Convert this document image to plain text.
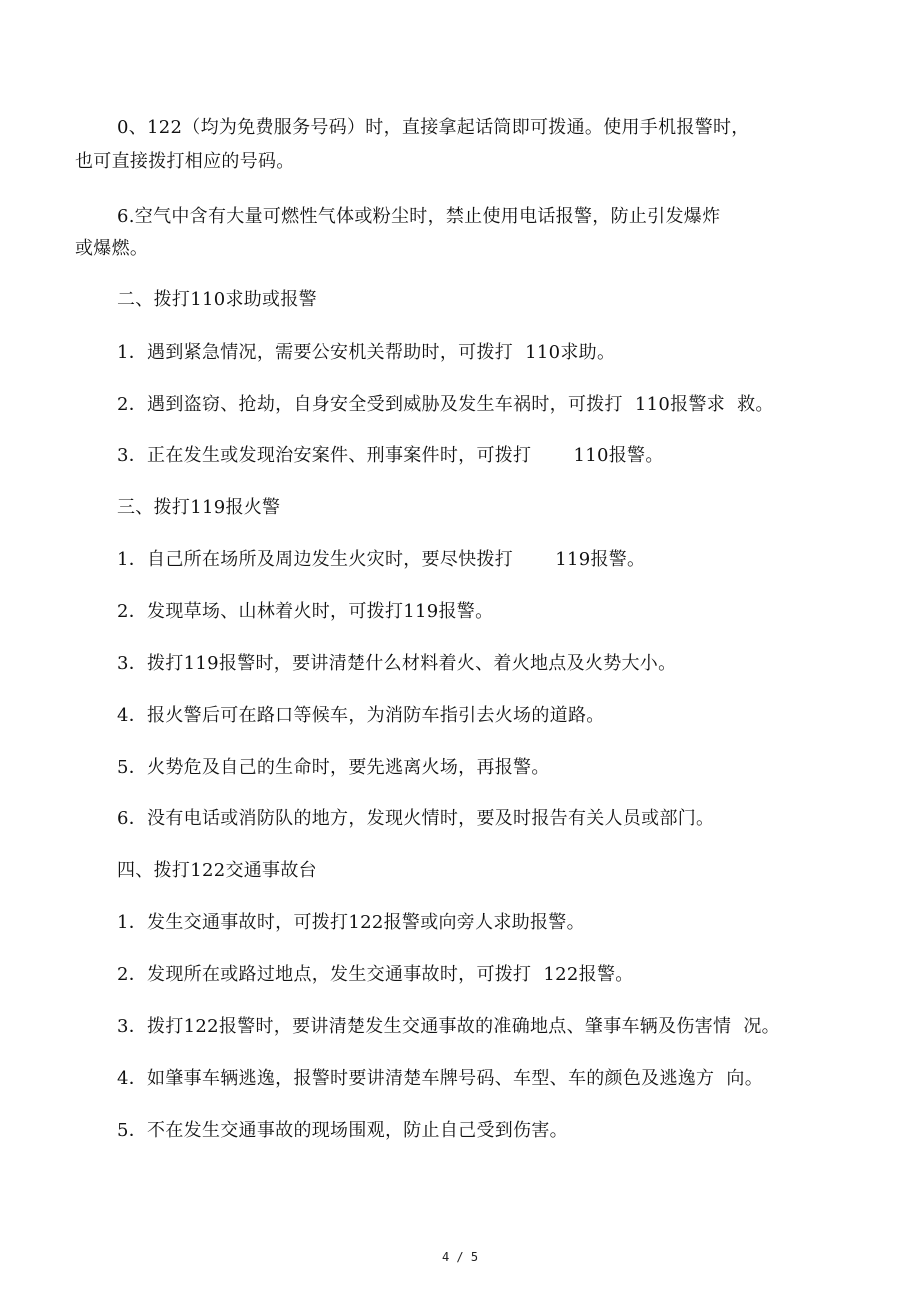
0、122（均为免费服务号码）时，直接拿起话筒即可拨通。使用手机报警时，
也可直接拨打相应的号码。
6.空气中含有大量可燃性气体或粉尘时，禁止使用电话报警，防止引发爆炸
或爆燃。
二、拨打110求助或报警
1．遇到紧急情况，需要公安机关帮助时，可拨打  110求助。
2．遇到盗窃、抢劫，自身安全受到威胁及发生车祸时，可拨打  110报警求  救。
3．正在发生或发现治安案件、刑事案件时，可拨打       110报警。
三、拨打119报火警
1．自己所在场所及周边发生火灾时，要尽快拨打       119报警。
2．发现草场、山林着火时，可拨打119报警。
3．拨打119报警时，要讲清楚什么材料着火、着火地点及火势大小。
4．报火警后可在路口等候车，为消防车指引去火场的道路。
5．火势危及自己的生命时，要先逃离火场，再报警。
6．没有电话或消防队的地方，发现火情时，要及时报告有关人员或部门。
四、拨打122交通事故台
1．发生交通事故时，可拨打122报警或向旁人求助报警。
2．发现所在或路过地点，发生交通事故时，可拨打  122报警。
3．拨打122报警时，要讲清楚发生交通事故的准确地点、肇事车辆及伤害情  况。
4．如肇事车辆逃逸，报警时要讲清楚车牌号码、车型、车的颜色及逃逸方  向。
5．不在发生交通事故的现场围观，防止自己受到伤害。
4 / 5
